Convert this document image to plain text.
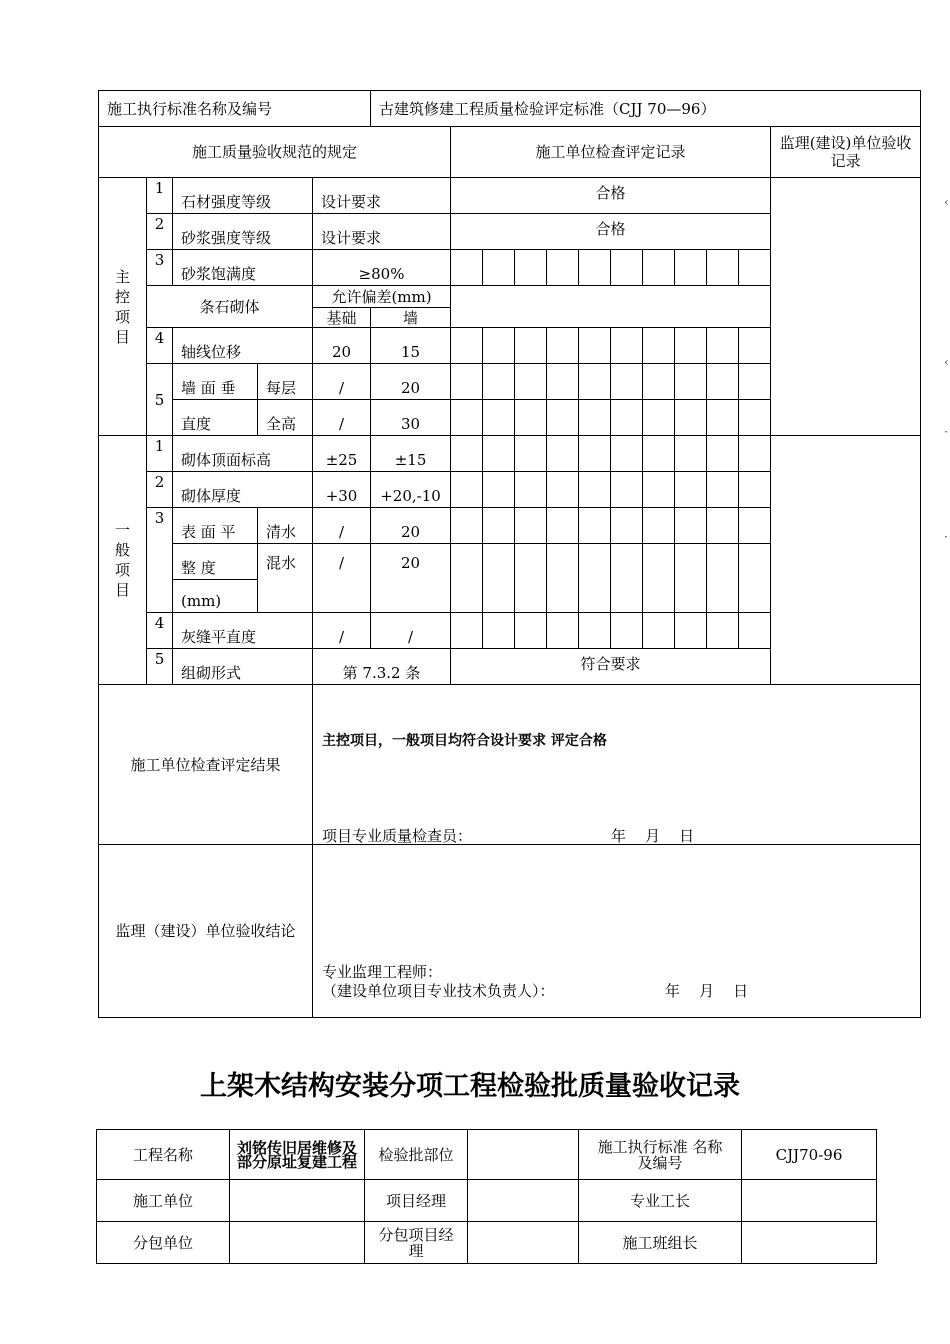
施工执行标准名称及编号					古建筑修建工程质量检验评定标准（CJJ 70—96）											
施工质量验收规范的规定						施工单位检查评定记录										监理(建设)单位验收记录

主
控
项
目	1	石材强度等级		设计要求		合格										
	2	砂浆强度等级		设计要求		合格										
	3	砂浆饱满度		≥80%												
	条石砌体			允许偏差(mm)												
				基础	墙											
	4	轴线位移		20	15											
	5	墙 面 垂	每层	/	20											
		直度	全高	/	30											

一
般
项
目	1	砌体顶面标高		±25	±15											
	2	砌体厚度		+30	+20,-10											
	3	表 面 平	清水	/	20											
		整 度	混水	/	20											
		(mm)														
	4	灰缝平直度		/	/											
	5	组砌形式		第 7.3.2 条		符合要求										
施工单位检查评定结果				主控项目，一般项目均符合设计要求 评定合格
项目专业质量检查员： 年    月    日												

监理（建设）单位验收结论				专业监理工程师：
（建设单位项目专业技术负责人）： 年    月    日												
‹
‹
·
·
上架木结构安装分项工程检验批质量验收记录
工程名称	刘铭传旧居维修及部分原址复建工程	检验批部位		施工执行标准 名称及编号	CJJ70-96
施工单位		项目经理		专业工长	
分包单位		分包项目经理		施工班组长	
